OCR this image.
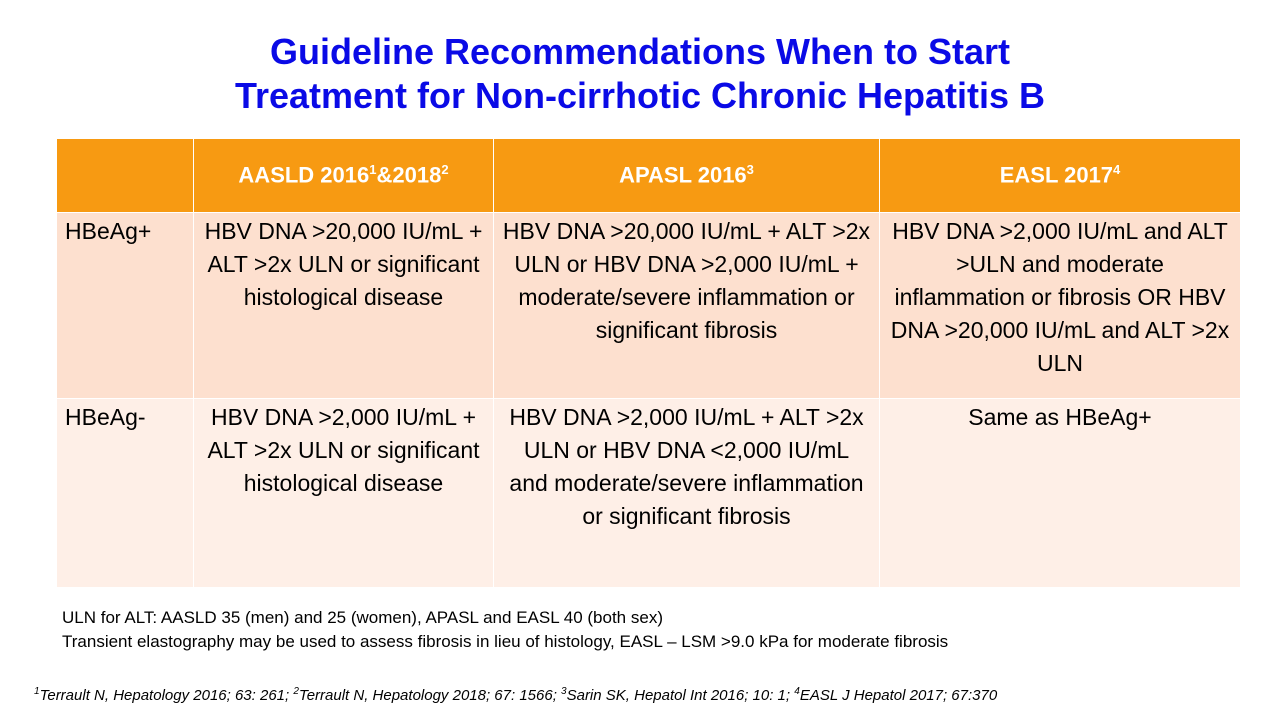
Guideline Recommendations When to Start
Treatment for Non-cirrhotic Chronic Hepatitis B
	AASLD 2016$^1$&2018$^2$	APASL 2016$^3$	EASL 2017$^4$
HBeAg+	HBV DNA >20,000 IU/mL + ALT >2x ULN or significant histological disease	HBV DNA >20,000 IU/mL + ALT >2x ULN or HBV DNA >2,000 IU/mL + moderate/severe inflammation or significant fibrosis	HBV DNA >2,000 IU/mL and ALT >ULN and moderate inflammation or fibrosis OR HBV DNA >20,000 IU/mL and ALT >2x ULN
HBeAg-	HBV DNA >2,000 IU/mL + ALT >2x ULN or significant histological disease	HBV DNA >2,000 IU/mL + ALT >2x ULN or HBV DNA <2,000 IU/mL and moderate/severe inflammation or significant fibrosis	Same as HBeAg+
ULN for ALT: AASLD 35 (men) and 25 (women), APASL and EASL 40 (both sex)
Transient elastography may be used to assess fibrosis in lieu of histology, EASL – LSM >9.0 kPa for moderate fibrosis
$^1$Terrault N, Hepatology 2016; 63: 261; $^2$Terrault N, Hepatology 2018; 67: 1566; $^3$Sarin SK, Hepatol Int 2016; 10: 1; $^4$EASL J Hepatol 2017; 67:370
